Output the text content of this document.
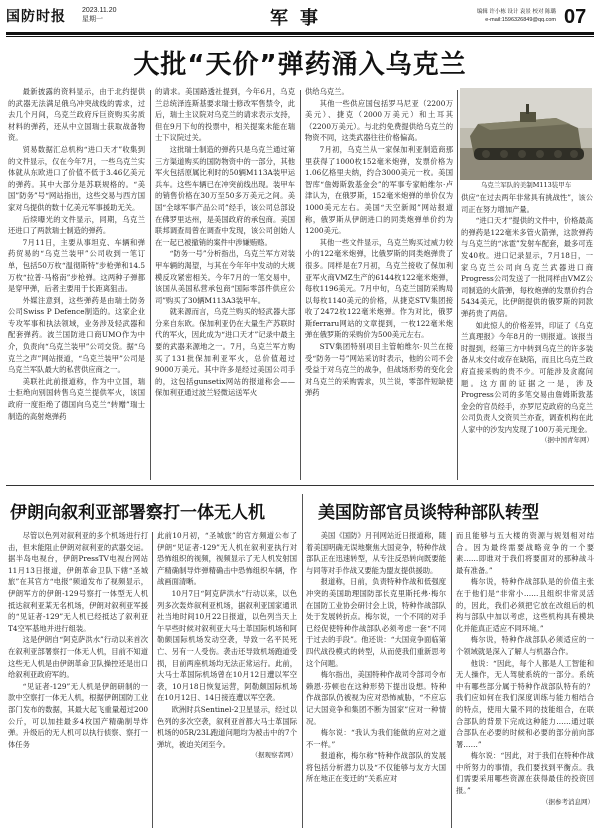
国防时报	2023.11.20
星期一	军事	编辑 许小栋 设计 袁景 校对 陈璐
e-mail:1596326849@qq.com 07
大批“天价”弹药涌入乌克兰

最新披露的资料显示，由于北约提供的武器无法满足俄乌冲突战线的需求，过去几个月间，乌克兰政府斥巨资购买劣质材料的弹药，还从中立国瑞士获取战备物资。

贸易数据汇总机构“进口天才”收集到的文件显示，仅在今年7月，一些乌克兰实体就从东欧进口了价值不低于3.46亿美元的弹药。其中大部分是苏联规格的。“美国”防务”号“网站指出，这些交易与西方国家对乌提供的数十亿美元军事援助无关。

后续曝光的文件显示，同期，乌克兰还进口了两款瑞士制造的弹药。

7月11日，主要从事坦克、车辆和弹药贸易的“乌克兰装甲”公司收到一笔订单，包括50万枚“温彻斯特”步枪弹和14.5万枚“拉普·马格南”步枪弹。这两种子弹都是穿甲弹，后者主要用于长距离狙击。

外媒注意到，这些弹药是由瑞士防务公司Swiss P Defence制造的。这家企业专攻军事和执法领域，业务涉及轻武器和配套弹药。波兰国防进口商UMO作为中介，负责向“乌克兰装甲”公司交货。据“乌克兰之声”网站报道，“乌克兰装甲”公司是乌克兰军队最大的私营供应商之一。

美联社此前报道称，作为中立国，瑞士拒绝向别国转售乌克兰提供军火，该国政府一度拒绝了德国向乌克兰“转赠”瑞士制造的高射炮弹药

的请求。美国路透社提到，今年6月，乌克兰总统泽连斯基要求瑞士修改军售禁令，此后，瑞士主议院对乌克兰的请求表示支持，但在9月下旬的投票中，相关提案未能在瑞士下议院过关。

这批瑞士制造的弹药只是乌克兰通过第三方渠道购买的国防物资中的一部分，其他军火包括原属比利时的50辆M113A装甲运兵车。这些车辆已在冲突前线出现。装甲车的销售价格在30万至50多万美元之间。美国“全球军事产品公司”经手，该公司总部设在佛罗里达州，是美国政府的承包商。美国联邦调查局曾在调查中发现，该公司创始人在一起已被撤销的案件中涉嫌贿赂。

“防务一号”分析指出，乌克兰军方对装甲车辆的渴望，与其在今年年中发动的大规模反攻紧密相关。今年7月的一笔交易中，该国从美国私营承包商“国际零部件供应公司”购买了30辆M113A3装甲车。

就来源而言，乌克兰购买的轻武器大部分来自东欧。保加利亚仍在大量生产苏联时代的军火，因此成为“进口天才”记录中最主要的武器来源地之一。7月，乌克兰军方购买了131批保加利亚军火，总价值超过9000万美元。其中许多是经过美国公司手的，这包括gunsetix网站的报道称会——保加利亚通过波兰轻微运送军火

供给乌克兰。

其他一些供应国包括罗马尼亚（2200万美元）、捷克（2000万美元）和土耳其（2200万美元）。与北约免费提供给乌克兰的物资不同，这类武器往往价格偏高。

7月初，乌克兰从一家保加利亚制造商那里获得了1000枚152毫米炮弹，发票价格为1.06亿格里夫纳，约合3000美元一枚。美国智库“詹姆斯敦基金会”的军事专家帕维尔·卢津认为，在俄罗斯，152毫米炮弹的单价仅为1000美元左右。美国“天空新闻”网站报道称，俄罗斯从伊朗进口的同类炮弹单价约为1200美元。

其他一些文件显示，乌克兰购买过威力较小的122毫米炮弹，比俄罗斯的同类炮弹贵了很多。同样是在7月初，乌克兰接收了保加利亚军火商VMZ生产的6144枚122毫米炮弹，每枚1196美元。7月中旬，乌克兰国防采购局以每枚1140美元的价格，从捷克STV集团接收了2472枚122毫米炮弹。作为对比，俄罗斯ferraru网站的文章提到，一枚122毫米炮弹在俄罗斯的采购价为500美元左右。

STV集团特别项目主管帕维尔·贝兰在接受“防务一号”网站采访时表示，他的公司不会受益于对乌克兰的战争，但战场形势的变化会对乌克兰的采购需求，贝兰说，零部件短缺使弹药

乌克兰军队的美制M113装甲车
供应“在过去两年非常具有挑战性”，该公司正在努力增加产量。

“进口天才”提供的文件中，价格最高的弹药是122毫米多管火箭弹，这款弹药与乌克兰的“冰雹”发射车配套，最多可连发40枚。进口记录显示，7月18日，一家乌克兰公司向乌克兰武器进口商Progress公司发送了一批同样由VMZ公司制造的火箭弹，每枚炮弹的发票价约合5434美元，比伊朗提供的俄罗斯的同款弹药贵了两倍。

如此惊人的价格差异，印证了《乌克兰真理报》今年8月的一则报道。该报当时提到，经第三方中转到乌克兰的许多装备从未交付或存在缺陷，而且比乌克兰政府直接采购的贵不少。可能涉及贪腐问题。这方面的证据之一是，涉及Progress公司的多笔交易由詹姆斯敦基金会的官员经手，亦罗尼克政府的乌克兰公司负责人交资贝兰亦查，调查机构在此人家中的沙发内发现了100万美元现金。

（据中国青年网）
伊朗向叙利亚部署察打一体无人机

尽管以色列对叙利亚的多个机场进行打击，但未能阻止伊朗对叙利亚的武器交运。据半岛电视台，伊朗PressTV电视台网站11月13日报道，伊朗革命卫队下辖“圣城旅”在其官方“电报”频道发布了视频显示，伊朗军方的伊朗-129号察打一体型无人机抵达叙利亚某无名机场，伊朗对叙利亚军援的“见证者-129”无人机已经抵达了叙利亚T4空军基地并进行组装。

这是伊朗自“阿克萨洪水”行动以来首次在叙利亚部署察打一体无人机，目前不知道这些无人机是由伊朗革命卫队操控还是出口给叙利亚政府军的。

“见证者-129”无人机是伊朗研制的一款中空察打一体无人机，根据伊朗国防工业部门发布的数据，其最大起飞重量超过200公斤，可以加挂最多4枚国产精确制导炸弹。升级后的无人机可以执行侦察、察打一体任务

此前10月初，“圣城旅”的官方频道公布了伊朗“见证者-129”无人机在叙利亚执行对恐怖组织的视频，视频显示了无人机发射国产精确制导炸弹精确击中恐怖组织车辆，作战画面清晰。

10月7日“阿克萨洪水”行动以来，以色列多次轰炸叙利亚机场，据叙利亚国家通讯社当地时间10月22日报道，以色列当天上午早些时候对叙利亚大马士革国际机场和阿勒颇国际机场发动空袭，导致一名平民死亡、另有一人受伤。袭击还导致机场跑道受损，目前两座机场均无法正常运行。此前，大马士革国际机场曾在10月12日遭以军空袭，10月18日恢复运营，阿勒颇国际机场在10月12日、14日接连遭以军空袭。

欧洲时兵Sentinel-2卫星显示，经过以色列的多次空袭，叙利亚首都大马士革国际机场的05R/23L跑道问题均为被击中的7个弹坑，被迫关闭至今。

（据观察者网）
美国防部官员谈特种部队转型

美国《国防》月刊网站近日报道称，随着美国明确无误地聚焦大国竞争，特种作战部队正在迅速转型，从专注反恐转向既要能与同等对手作战又要能为盟友提供援助。

报道称，日前，负责特种作战和低强度冲突的美国助理国防部长克里斯托弗·梅尔在国防工业协会研讨会上说，特种作战部队处于发展转折点。梅尔说，一个不同的对手已经促使特种作战部队必须考虑一套“不同于过去的手段”。他还说：“大国竞争面临第四代战役模式的转型，从而使我们重新思考这个问题。

梅尔指出，美国特种作战司令部司令布赖恩·芬顿也在这种形势下提出设想。特种作战部队仍被视为应对恐怖威胁，“不应忘记大国竞争和集团不断为国家”应对一种情况。

梅尔说：“我认为我们能做的应对之道不一样。”

报道称，梅尔称“特种作战部队的发展将包括分析潜力以及“不仅能够与友方大国所在地正在变迁的”关系应对

而且能够与五大楼的资源与规划相对结合。因为最终需要战略竞争的一个要素……即谁对于我们将要面对的那种战斗最有准备。”

梅尔说，特种作战部队是的价值主张在于他们是“非常小……且组织非常灵活的，因此，我们必须把它放在改组后的机构与部队中加以考虑，这些机构具有模块化并能真正适应不同环境。”

梅尔说，特种作战部队必须适应的一个领域就是深入了解人与机器合作。

他说：“因此，每个人都是人工智能和无人操作，无人驾驶系统的一部分。系统中有哪些部分属于特种作战部队特有的？我们应如何在我们深度训练与能力相结合的特点，使用大量不同的技能组合，在联合部队的背景下完成这种能力……通过联合部队在必要的时候和必要的部分前向部署……”

梅尔说：“因此，对于我们在特种作战中所努力的事情，我们要找到平衡点。我们需要采用哪些资源在获得最佳的投资回报。”

（据参考消息网）
